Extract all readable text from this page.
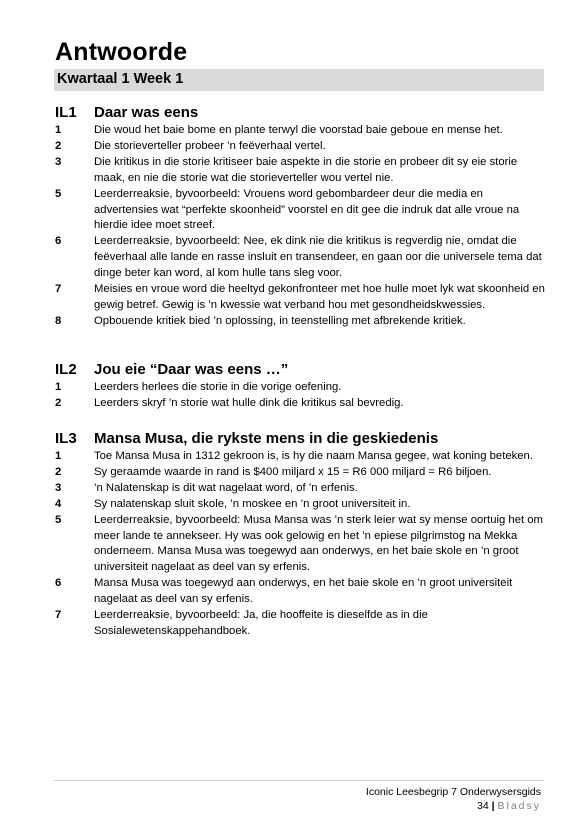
Antwoorde
Kwartaal 1 Week 1
IL1	Daar was eens
1	Die woud het baie bome en plante terwyl die voorstad baie geboue en mense het.
2	Die storieverteller probeer ’n feëverhaal vertel.
3	Die kritikus in die storie kritiseer baie aspekte in die storie en probeer dit sy eie storie maak, en nie die storie wat die storieverteller wou vertel nie.
5	Leerderreaksie, byvoorbeeld: Vrouens word gebombardeer deur die media en advertensies wat “perfekte skoonheid” voorstel en dit gee die indruk dat alle vroue na hierdie idee moet streef.
6	Leerderreaksie, byvoorbeeld: Nee, ek dink nie die kritikus is regverdig nie, omdat die feëverhaal alle lande en rasse insluit en transendeer, en gaan oor die universele tema dat dinge beter kan word, al kom hulle tans sleg voor.
7	Meisies en vroue word die heeltyd gekonfronteer met hoe hulle moet lyk wat skoonheid en gewig betref. Gewig is ’n kwessie wat verband hou met gesondheidskwessies.
8	Opbouende kritiek bied ’n oplossing, in teenstelling met afbrekende kritiek.
IL2	Jou eie “Daar was eens …”
1	Leerders herlees die storie in die vorige oefening.
2	Leerders skryf ’n storie wat hulle dink die kritikus sal bevredig.
IL3	Mansa Musa, die rykste mens in die geskiedenis
1	Toe Mansa Musa in 1312 gekroon is, is hy die naam Mansa gegee, wat koning beteken.
2	Sy geraamde waarde in rand is $400 miljard x 15 = R6 000 miljard = R6 biljoen.
3	’n Nalatenskap is dit wat nagelaat word, of ’n erfenis.
4	Sy nalatenskap sluit skole, ’n moskee en ’n groot universiteit in.
5	Leerderreaksie, byvoorbeeld: Musa Mansa was ’n sterk leier wat sy mense oortuig het om meer lande te annekseer. Hy was ook gelowig en het ’n epiese pilgrimstog na Mekka onderneem. Mansa Musa was toegewyd aan onderwys, en het baie skole en ’n groot universiteit nagelaat as deel van sy erfenis.
6	Mansa Musa was toegewyd aan onderwys, en het baie skole en ’n groot universiteit nagelaat as deel van sy erfenis.
7	Leerderreaksie, byvoorbeeld: Ja, die hooffeite is dieselfde as in die Sosialewetenskappehandboek.
Iconic Leesbegrip 7 Onderwysersgids
34 | Bladsy
